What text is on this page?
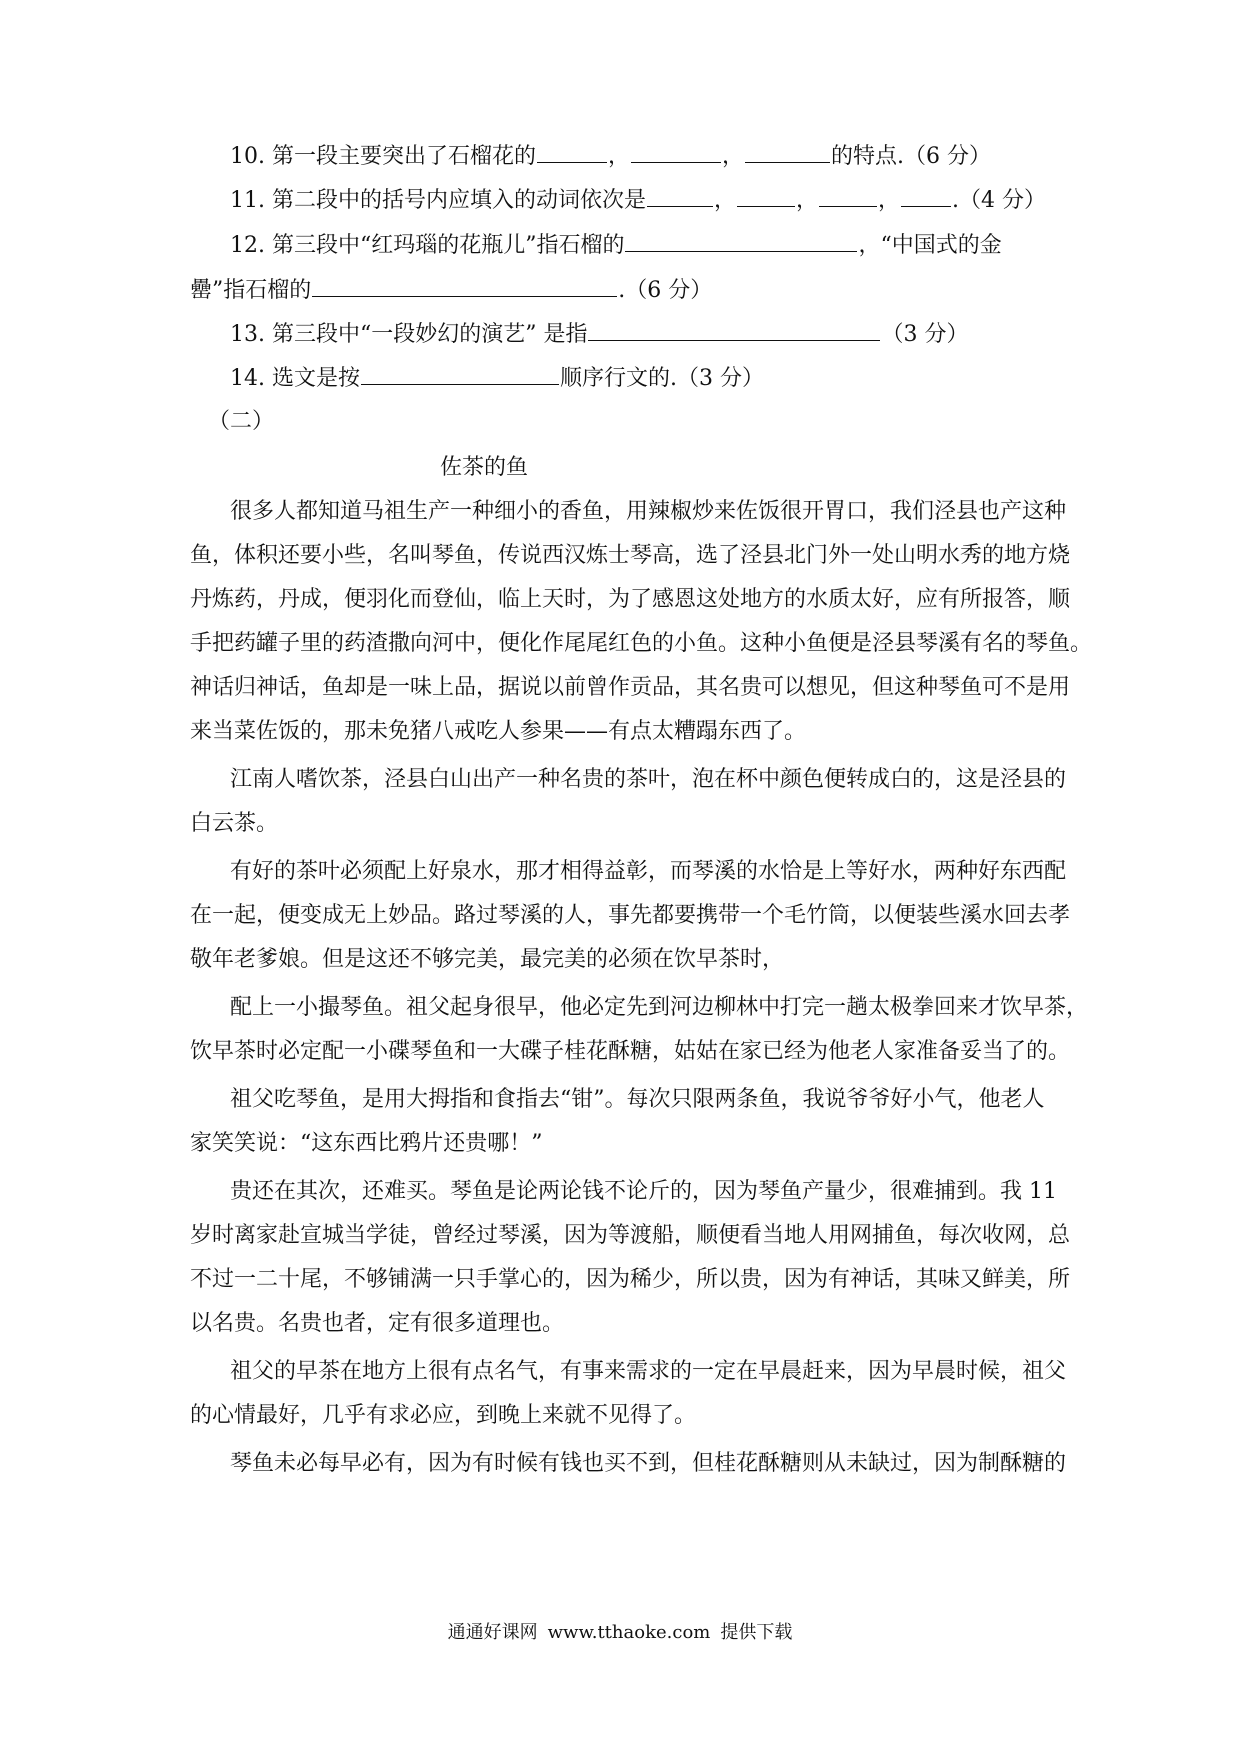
10. 第一段主要突出了石榴花的	，	，	的特点.（6 分）
11. 第二段中的括号内应填入的动词依次是	，	，	， .（4 分）
12. 第三段中“红玛瑙的花瓶儿”指石榴的	，“中国式的金
罍”指石榴的	.（6 分）
13. 第三段中“一段妙幻的演艺” 是指	（3 分）
14. 选文是按	顺序行文的.（3 分）
（二）
佐茶的鱼
很多人都知道马祖生产一种细小的香鱼，用辣椒炒来佐饭很开胃口，我们泾县也产这种
鱼，体积还要小些，名叫琴鱼，传说西汉炼士琴高，选了泾县北门外一处山明水秀的地方烧
丹炼药，丹成，便羽化而登仙，临上天时，为了感恩这处地方的水质太好，应有所报答，顺
手把药罐子里的药渣撒向河中，便化作尾尾红色的小鱼。这种小鱼便是泾县琴溪有名的琴鱼。
神话归神话，鱼却是一味上品，据说以前曾作贡品，其名贵可以想见，但这种琴鱼可不是用
来当菜佐饭的，那未免猪八戒吃人参果——有点太糟蹋东西了。
江南人嗜饮茶，泾县白山出产一种名贵的茶叶，泡在杯中颜色便转成白的，这是泾县的
白云茶。
有好的茶叶必须配上好泉水，那才相得益彰，而琴溪的水恰是上等好水，两种好东西配
在一起，便变成无上妙品。路过琴溪的人，事先都要携带一个毛竹筒，以便装些溪水回去孝
敬年老爹娘。但是这还不够完美，最完美的必须在饮早茶时，
配上一小撮琴鱼。祖父起身很早，他必定先到河边柳林中打完一趟太极拳回来才饮早茶，
饮早茶时必定配一小碟琴鱼和一大碟子桂花酥糖，姑姑在家已经为他老人家准备妥当了的。
祖父吃琴鱼，是用大拇指和食指去“钳”。每次只限两条鱼，我说爷爷好小气，他老人
家笑笑说：“这东西比鸦片还贵哪！”
贵还在其次，还难买。琴鱼是论两论钱不论斤的，因为琴鱼产量少，很难捕到。我 11
岁时离家赴宣城当学徒，曾经过琴溪，因为等渡船，顺便看当地人用网捕鱼，每次收网，总
不过一二十尾，不够铺满一只手掌心的，因为稀少，所以贵，因为有神话，其味又鲜美，所
以名贵。名贵也者，定有很多道理也。
祖父的早茶在地方上很有点名气，有事来需求的一定在早晨赶来，因为早晨时候，祖父
的心情最好，几乎有求必应，到晚上来就不见得了。
琴鱼未必每早必有，因为有时候有钱也买不到，但桂花酥糖则从未缺过，因为制酥糖的
通通好课网 www.tthaoke.com 提供下载
